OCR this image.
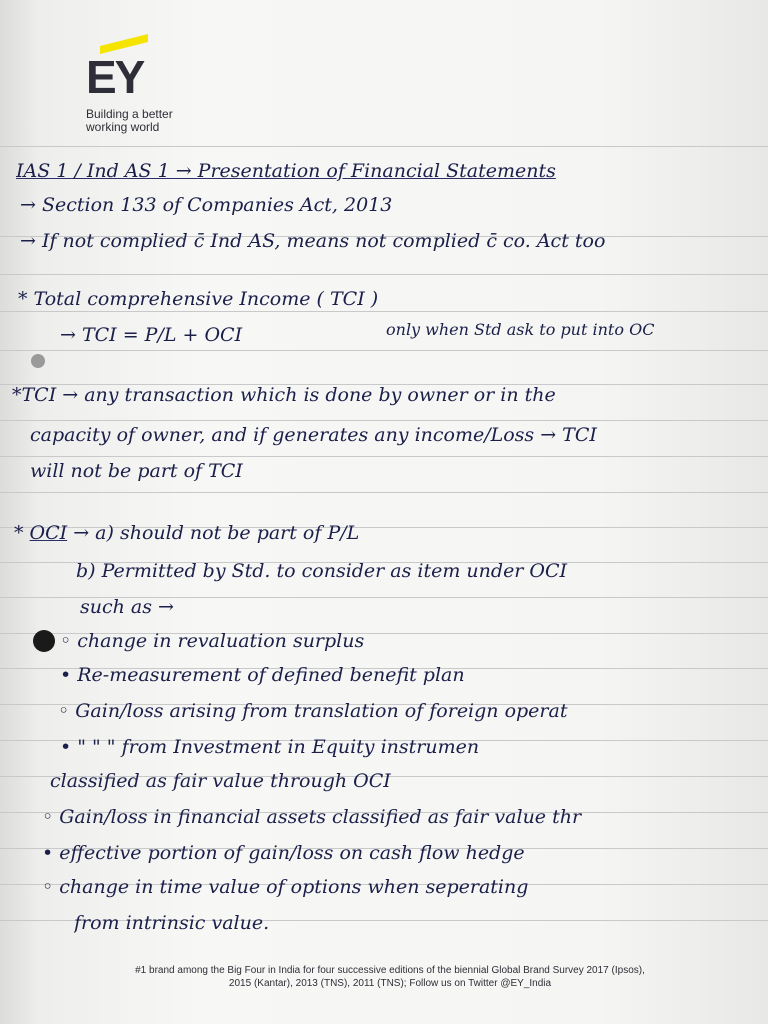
EY
Building a better working world
IAS 1 / Ind AS 1 → Presentation of Financial Statements
→ Section 133 of Companies Act, 2013
→ If not complied c̄ Ind AS, means not complied c̄ co. Act too
* Total comprehensive Income ( TCI )
→ TCI = P/L + OCI	only when Std ask to put into OC
*TCI → any transaction which is done by owner or in the
capacity of owner, and if generates any income/Loss → TCI
will not be part of TCI
* OCI → a) should not be part of P/L
b) Permitted by Std. to consider as item under OCI
such as →
◦ change in revaluation surplus
• Re-measurement of defined benefit plan
◦ Gain/loss arising from translation of foreign operat
• " " " from Investment in Equity instrumen
classified as fair value through OCI
◦ Gain/loss in financial assets classified as fair value thr
• effective portion of gain/loss on cash flow hedge
◦ change in time value of options when seperating
from intrinsic value.
#1 brand among the Big Four in India for four successive editions of the biennial Global Brand Survey 2017 (Ipsos),
2015 (Kantar), 2013 (TNS), 2011 (TNS); Follow us on Twitter @EY_India
